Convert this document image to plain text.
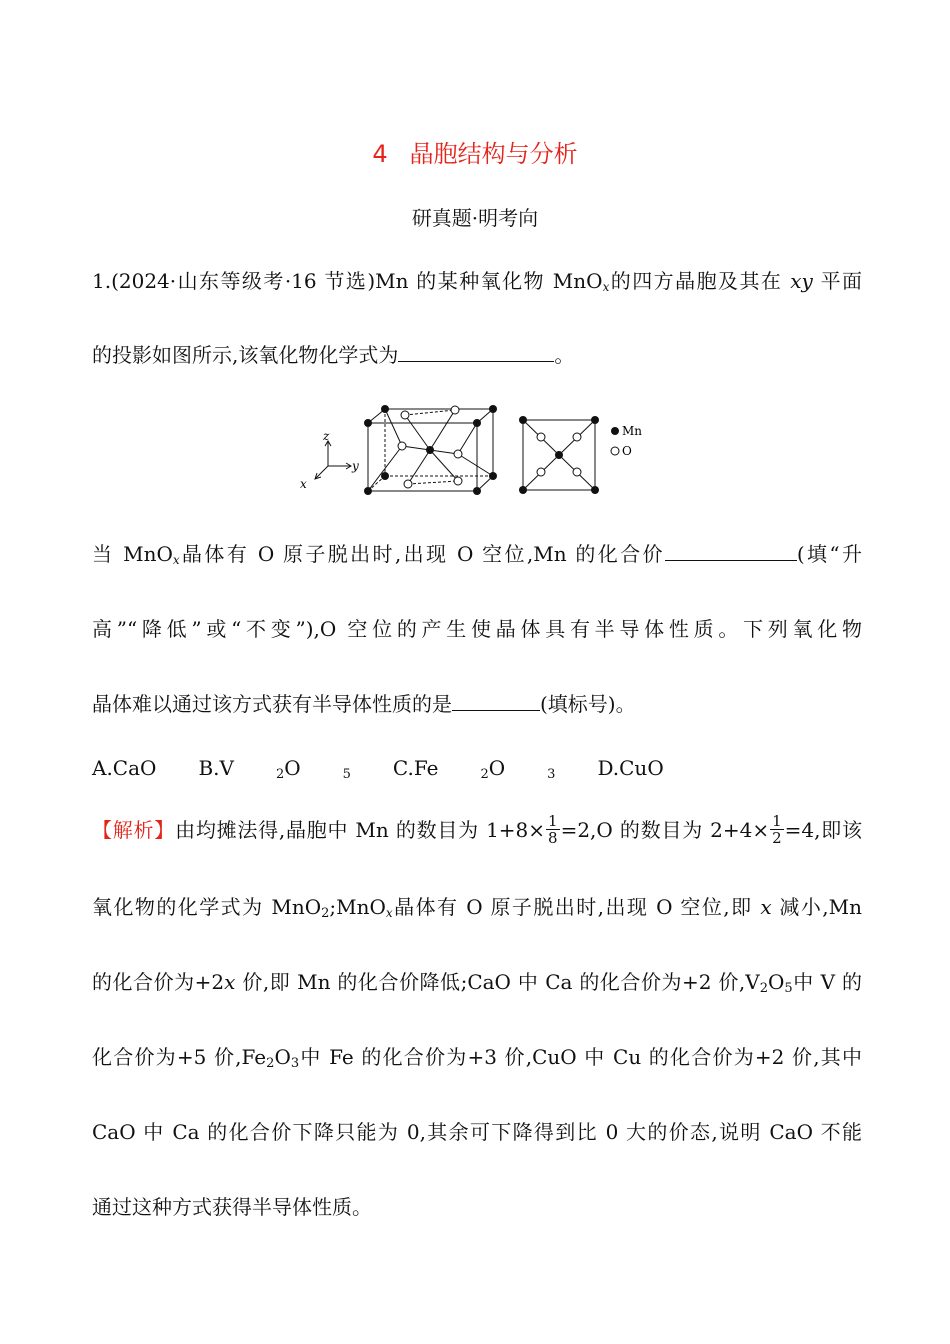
4 晶胞结构与分析
研真题·明考向
1.(2024·山东等级考·16 节选)Mn 的某种氧化物 MnOx的四方晶胞及其在 xy 平面
的投影如图所示,该氧化物化学式为	。
z
y
x
Mn
O
当 MnOx晶体有 O 原子脱出时,出现 O 空位,Mn 的化合价	(填“升
高”“降低”或“不变”),O 空位的产生使晶体具有半导体性质。下列氧化物
晶体难以通过该方式获有半导体性质的是	(填标号)。
A.CaO B.V	$_2$O	$_5$ C.Fe	$_2$O	$_3$ D.CuO
【解析】由均摊法得,晶胞中 Mn 的数目为 $1+8\times \frac{1}{8} =2,O$ 的数目为 $2+4\times \frac{1}{2} =4$,即该
氧化物的化学式为 MnO$_2$;MnOx晶体有 O 原子脱出时,出现 O 空位,即 x 减小,Mn
的化合价为+2x 价,即 Mn 的化合价降低;CaO 中 Ca 的化合价为+2 价$,V_2O_5$中 V 的
化合价为+5 价$,Fe_2O_3$中 Fe 的化合价为+3 价,CuO 中 Cu 的化合价为+2 价,其中
CaO 中 Ca 的化合价下降只能为 0,其余可下降得到比 0 大的价态,说明 CaO 不能
通过这种方式获得半导体性质。
